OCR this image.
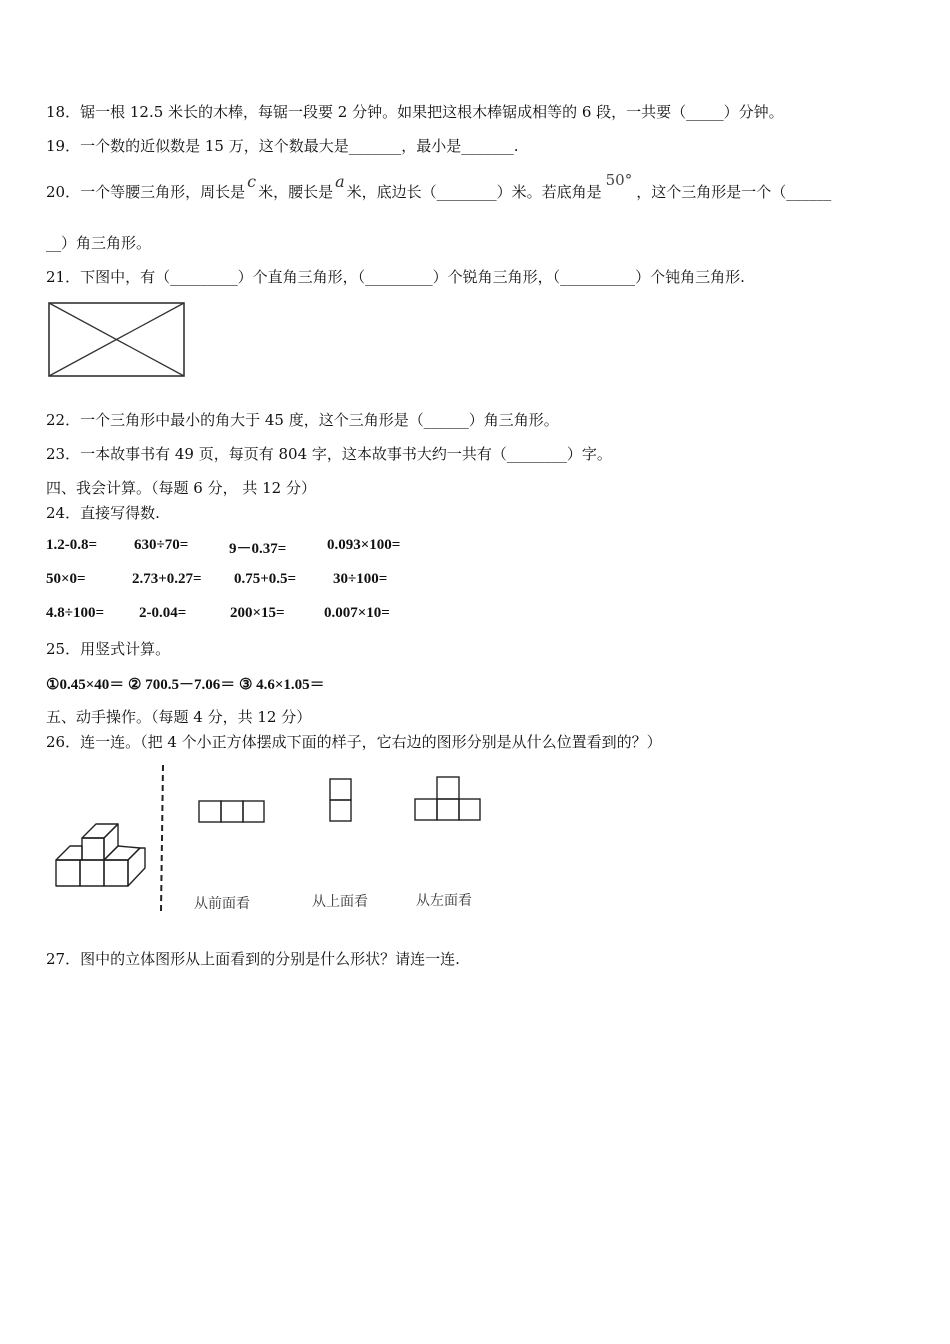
18．锯一根 12.5 米长的木棒，每锯一段要 2 分钟。如果把这根木棒锯成相等的 6 段，一共要（_____）分钟。
19．一个数的近似数是 15 万，这个数最大是_______，最小是_______.
20．一个等腰三角形，周长是c米，腰长是a米，底边长（________）米。若底角是50°，这个三角形是一个（______
__）角三角形。
21．下图中，有（_________）个直角三角形，（_________）个锐角三角形，（__________）个钝角三角形.
22．一个三角形中最小的角大于 45 度，这个三角形是（______）角三角形。
23．一本故事书有 49 页，每页有 804 字，这本故事书大约一共有（________）字。
四、我会计算。（每题 6 分， 共 12 分）
24．直接写得数.
1.2-0.8= 630÷70=	9－0.37=	0.093×100=
50×0=	2.73+0.27= 0.75+0.5= 30÷100=
4.8÷100= 2-0.04=	200×15=	0.007×10=
25．用竖式计算。
①0.45×40＝ ② 700.5－7.06＝ ③ 4.6×1.05＝
五、动手操作。（每题 4 分，共 12 分）
26．连一连。（把 4 个小正方体摆成下面的样子，它右边的图形分别是从什么位置看到的？）
从前面看	从上面看	从左面看
27．图中的立体图形从上面看到的分别是什么形状？请连一连.
